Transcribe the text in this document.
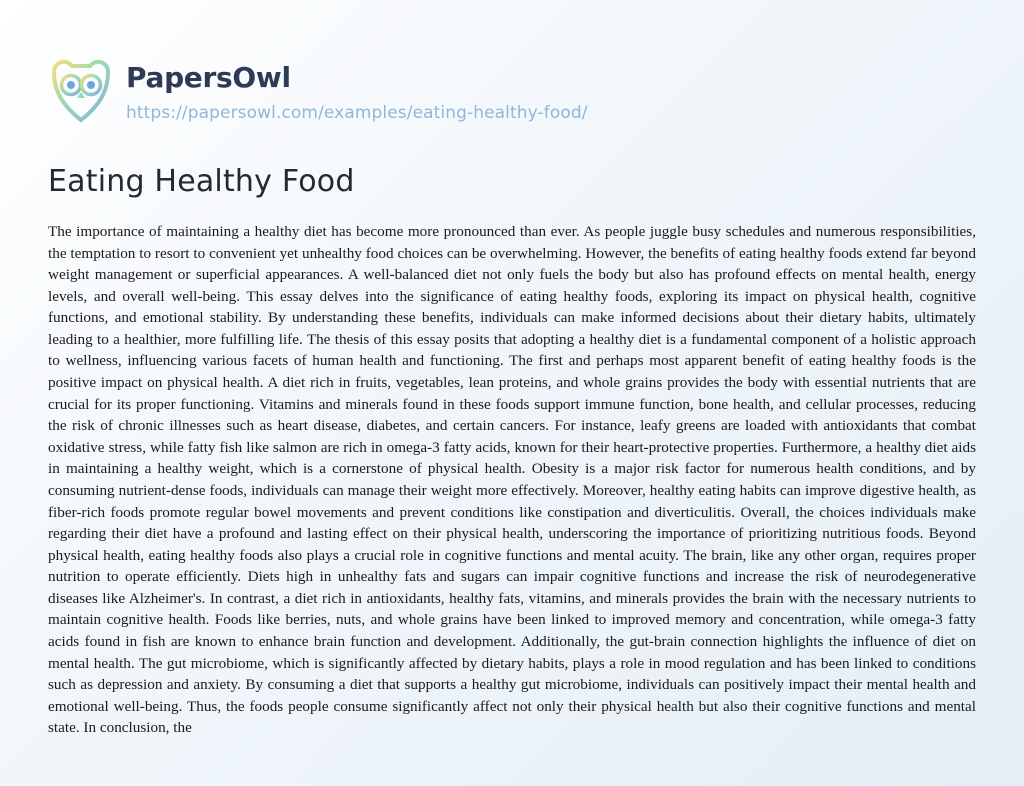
PapersOwl
https://papersowl.com/examples/eating-healthy-food/
Eating Healthy Food

The importance of maintaining a healthy diet has become more pronounced than ever. As people juggle busy schedules and numerous responsibilities, the temptation to resort to convenient yet unhealthy food choices can be overwhelming. However, the benefits of eating healthy foods extend far beyond weight management or superficial appearances. A well-balanced diet not only fuels the body but also has profound effects on mental health, energy levels, and overall well-being. This essay delves into the significance of eating healthy foods, exploring its impact on physical health, cognitive functions, and emotional stability. By understanding these benefits, individuals can make informed decisions about their dietary habits, ultimately leading to a healthier, more fulfilling life. The thesis of this essay posits that adopting a healthy diet is a fundamental component of a holistic approach to wellness, influencing various facets of human health and functioning. The first and perhaps most apparent benefit of eating healthy foods is the positive impact on physical health. A diet rich in fruits, vegetables, lean proteins, and whole grains provides the body with essential nutrients that are crucial for its proper functioning. Vitamins and minerals found in these foods support immune function, bone health, and cellular processes, reducing the risk of chronic illnesses such as heart disease, diabetes, and certain cancers. For instance, leafy greens are loaded with antioxidants that combat oxidative stress, while fatty fish like salmon are rich in omega-3 fatty acids, known for their heart-protective properties. Furthermore, a healthy diet aids in maintaining a healthy weight, which is a cornerstone of physical health. Obesity is a major risk factor for numerous health conditions, and by consuming nutrient-dense foods, individuals can manage their weight more effectively. Moreover, healthy eating habits can improve digestive health, as fiber-rich foods promote regular bowel movements and prevent conditions like constipation and diverticulitis. Overall, the choices individuals make regarding their diet have a profound and lasting effect on their physical health, underscoring the importance of prioritizing nutritious foods. Beyond physical health, eating healthy foods also plays a crucial role in cognitive functions and mental acuity. The brain, like any other organ, requires proper nutrition to operate efficiently. Diets high in unhealthy fats and sugars can impair cognitive functions and increase the risk of neurodegenerative diseases like Alzheimer's. In contrast, a diet rich in antioxidants, healthy fats, vitamins, and minerals provides the brain with the necessary nutrients to maintain cognitive health. Foods like berries, nuts, and whole grains have been linked to improved memory and concentration, while omega-3 fatty acids found in fish are known to enhance brain function and development. Additionally, the gut-brain connection highlights the influence of diet on mental health. The gut microbiome, which is significantly affected by dietary habits, plays a role in mood regulation and has been linked to conditions such as depression and anxiety. By consuming a diet that supports a healthy gut microbiome, individuals can positively impact their mental health and emotional well-being. Thus, the foods people consume significantly affect not only their physical health but also their cognitive functions and mental state. In conclusion, the
